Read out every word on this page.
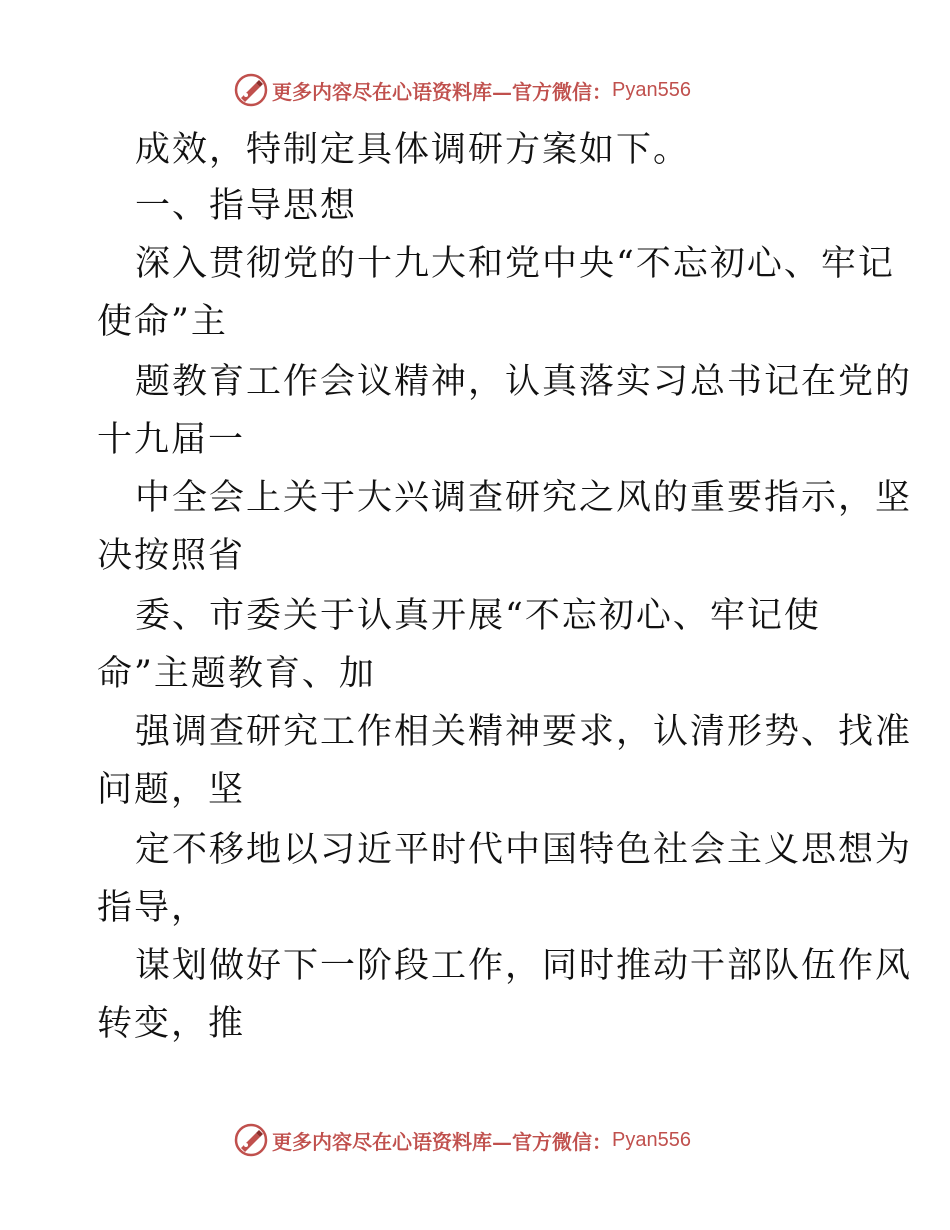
更多内容尽在心语资料库—官方微信： Pyan556
成效，特制定具体调研方案如下。
一、指导思想
深入贯彻党的十九大和党中央“不忘初心、牢记
使命”主
题教育工作会议精神，认真落实习总书记在党的
十九届一
中全会上关于大兴调查研究之风的重要指示，坚
决按照省
委、市委关于认真开展“不忘初心、牢记使
命”主题教育、加
强调查研究工作相关精神要求，认清形势、找准
问题，坚
定不移地以习近平时代中国特色社会主义思想为
指导，
谋划做好下一阶段工作，同时推动干部队伍作风
转变，推
更多内容尽在心语资料库—官方微信： Pyan556
